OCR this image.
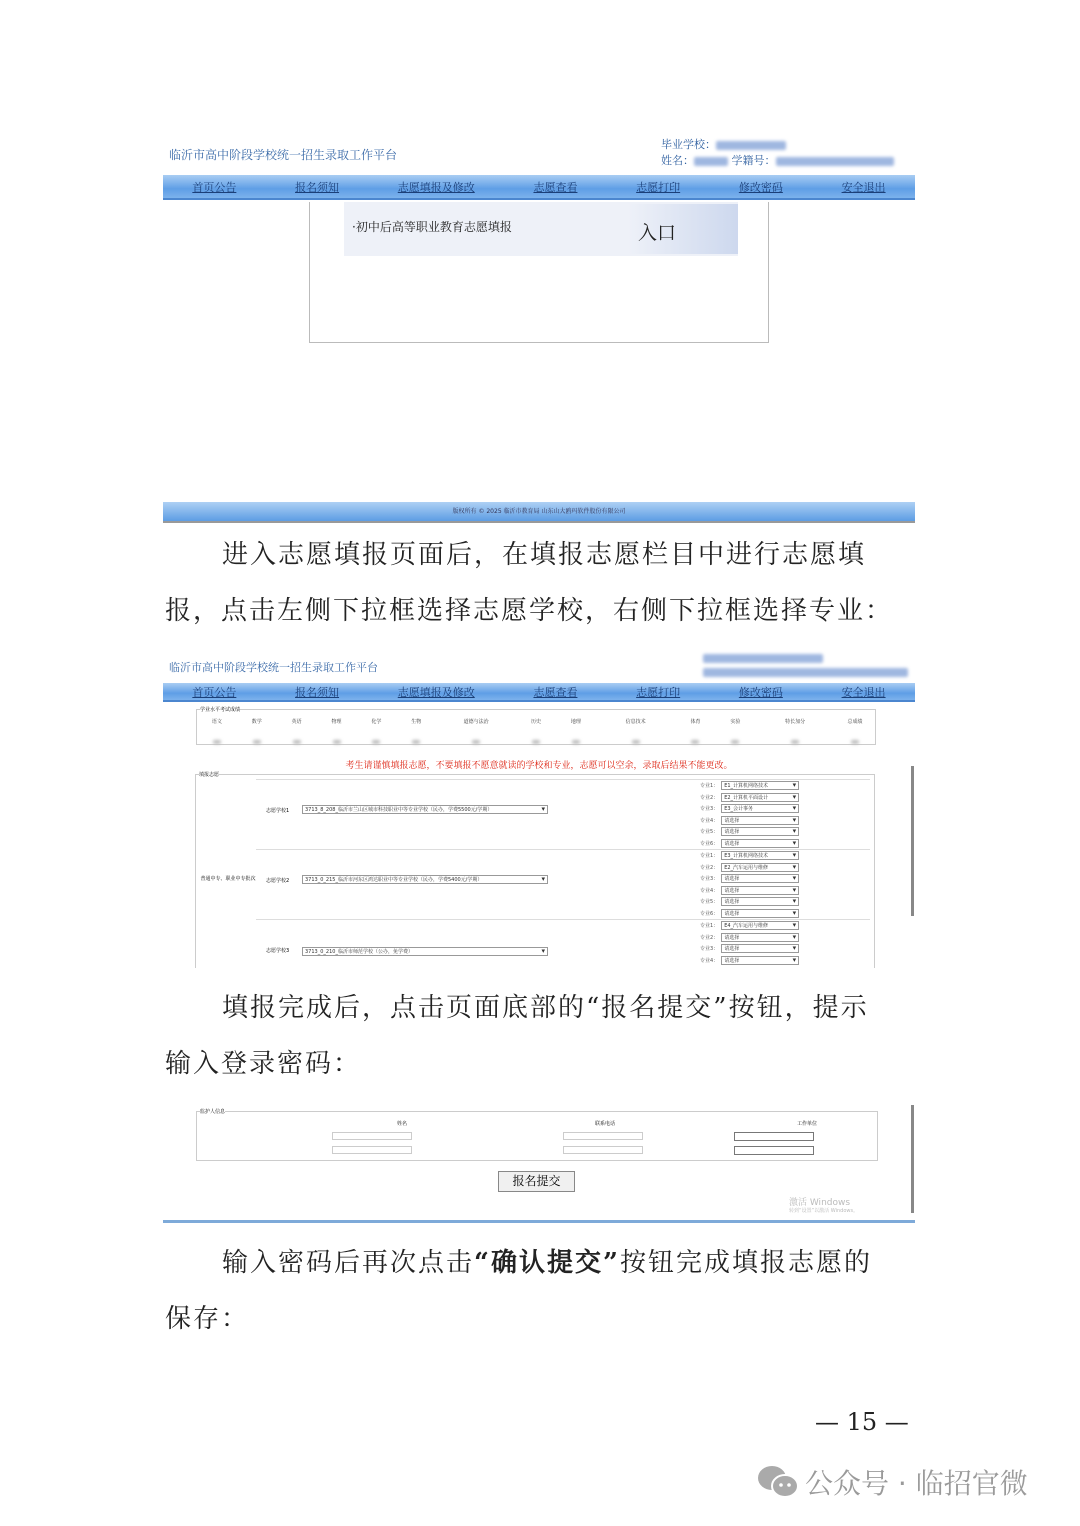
临沂市高中阶段学校统一招生录取工作平台
毕业学校：
姓名：	学籍号：
首页公告	报名须知	志愿填报及修改	志愿查看	志愿打印	修改密码	安全退出
·初中后高等职业教育志愿填报	入口
版权所有 © 2025 临沂市教育局 山东山大鸥玛软件股份有限公司
进入志愿填报页面后，在填报志愿栏目中进行志愿填
报，点击左侧下拉框选择志愿学校，右侧下拉框选择专业：
临沂市高中阶段学校统一招生录取工作平台
首页公告	报名须知	志愿填报及修改	志愿查看	志愿打印	修改密码	安全退出
学业水平考试成绩
语文	数学	英语	物理	化学	生物	道德与法治	历史	地理	信息技术	体育	实验	特长加分	总成绩
考生请谨慎填报志愿，不要填报不愿意就读的学校和专业，志愿可以空余，录取后结果不能更改。
填报志愿
普通中专、职业中专批次
志愿学校1	3713_8_208_临沂市兰山区城市科技职业中等专业学校（民办，学费5500元/学期） ▾
专业1：	E1_计算机网络技术 ▾
专业2：	E2_计算机平面设计 ▾
专业3：	E3_会计事务 ▾
专业4：	请选择 ▾
专业5：	请选择 ▾
专业6：	请选择 ▾
志愿学校2	3713_0_215_临沂市河东区鸿达职业中等专业学校（民办，学费5400元/学期） ▾
专业1：	E3_计算机网络技术 ▾
专业2：	E2_汽车运用与维修 ▾
专业3：	请选择 ▾
专业4：	请选择 ▾
专业5：	请选择 ▾
专业6：	请选择 ▾
志愿学校3	3713_0_210_临沂市师范学校（公办，免学费） ▾
专业1：	E4_汽车运用与维修 ▾
专业2：	请选择 ▾
专业3：	请选择 ▾
专业4：	请选择 ▾
填报完成后，点击页面底部的“报名提交”按钮，提示
输入登录密码：
监护人信息
姓名	联系电话	工作单位
报名提交
激活 Windows
转到“设置”以激活 Windows。
输入密码后再次点击“确认提交”按钮完成填报志愿的
保存：
— 15 —
公众号 · 临招官微
